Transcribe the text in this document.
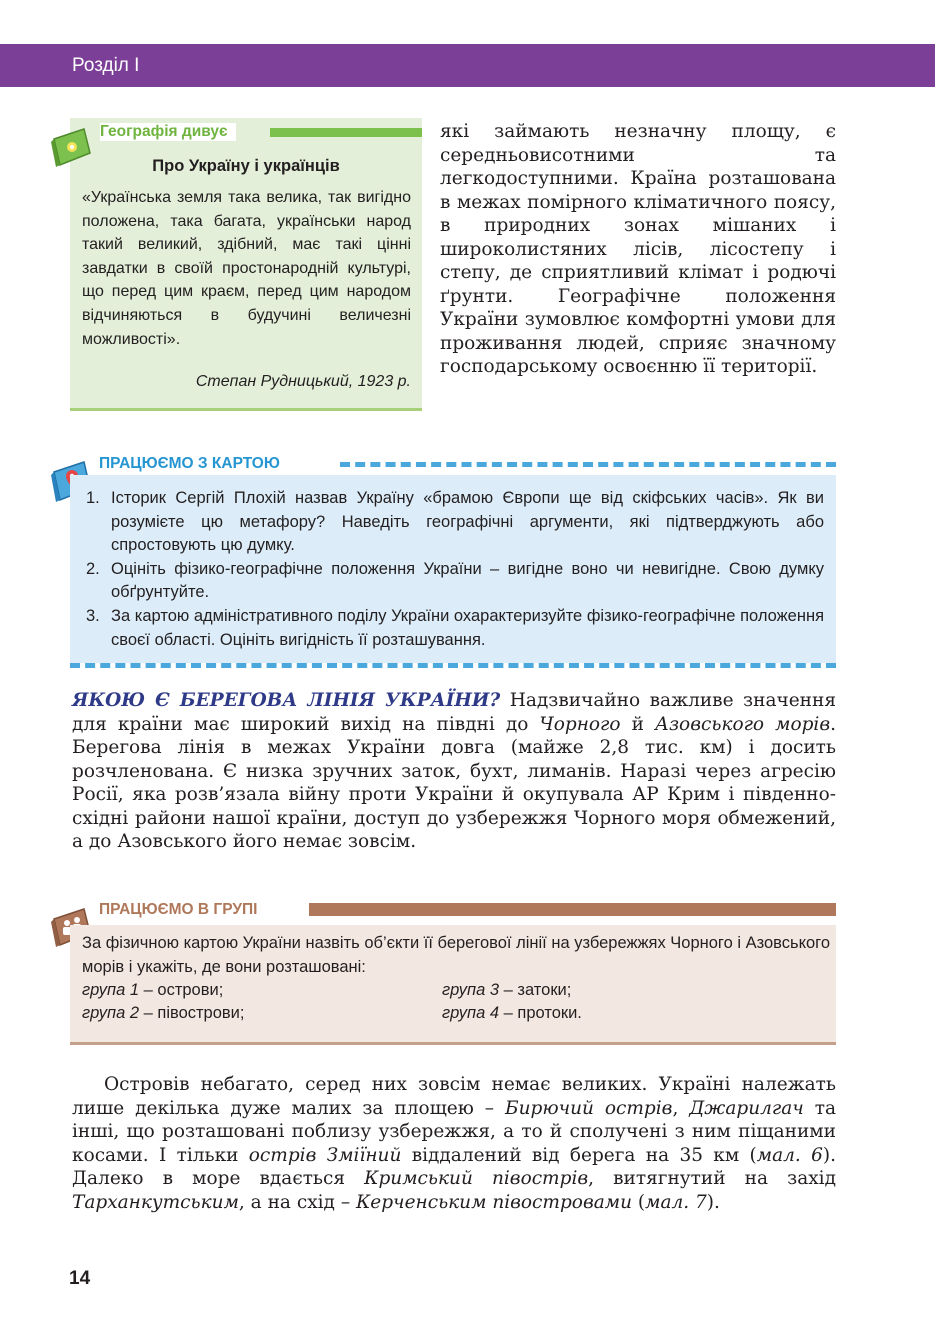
Розділ I
Географія дивує
Про Україну і українців
«Українська земля така велика, так вигідно положена, така багата, українськи народ такий великий, здібний, має такі цінні завдатки в своїй простонародній культурі, що перед цим краєм, перед цим народом відчиняються в будучині величезні можливості».
Степан Рудницький, 1923 р.
які займають незначну площу, є середньовисотними та легкодоступними. Країна розташована в межах помірного кліматичного поясу, в природних зонах мішаних і широколистяних лісів, лісостепу і степу, де сприятливий клімат і родючі ґрунти. Географічне положення України зумовлює комфортні умови для проживання людей, сприяє значному господарському освоєнню її території.
ПРАЦЮЄМО З КАРТОЮ
1. Історик Сергій Плохій назвав Україну «брамою Європи ще від скіфських часів». Як ви розумієте цю метафору? Наведіть географічні аргументи, які підтверджують або спростовують цю думку.
2. Оцініть фізико-географічне положення України – вигідне воно чи невигідне. Свою думку обґрунтуйте.
3. За картою адміністративного поділу України охарактеризуйте фізико-географічне положення своєї області. Оцініть вигідність її розташування.
ЯКОЮ Є БЕРЕГОВА ЛІНІЯ УКРАЇНИ? Надзвичайно важливе значення для країни має широкий вихід на півдні до Чорного й Азовського морів. Берегова лінія в межах України довга (майже 2,8 тис. км) і досить розчленована. Є низка зручних заток, бухт, лиманів. Наразі через агресію Росії, яка розв’язала війну проти України й окупувала АР Крим і південно-східні райони нашої країни, доступ до узбережжя Чорного моря обмежений, а до Азовського його немає зовсім.
ПРАЦЮЄМО В ГРУПІ
За фізичною картою України назвіть об’єкти її берегової лінії на узбережжях Чорного і Азовського морів і укажіть, де вони розташовані:
група 1 – острови;	група 3 – затоки;
група 2 – півострови;	група 4 – протоки.
Островів небагато, серед них зовсім немає великих. Україні належать лише декілька дуже малих за площею – Бирючий острів, Джарилгач та інші, що розташовані поблизу узбережжя, а то й сполучені з ним піщаними косами. І тільки острів Зміїний віддалений від берега на 35 км (мал. 6). Далеко в море вдається Кримський півострів, витягнутий на захід Тарханкутським, а на схід – Керченським півостровами (мал. 7).
14
